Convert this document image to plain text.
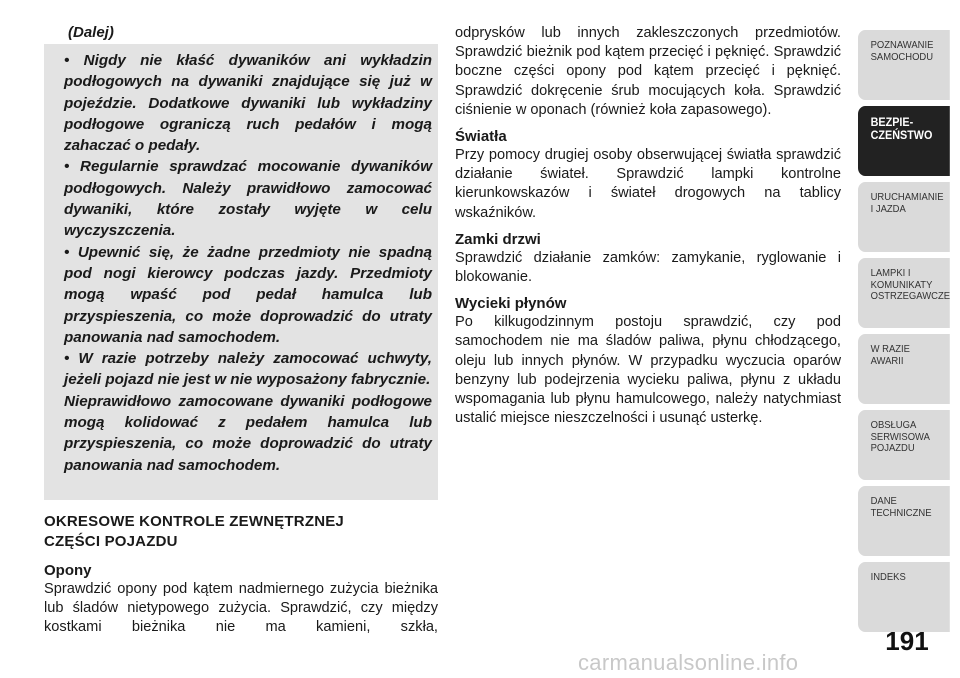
(Dalej)

• Nigdy nie kłaść dywaników ani wykładzin podłogowych na dywaniki znajdujące się już w pojeździe. Dodatkowe dywaniki lub wykładziny podłogowe ograniczą ruch pedałów i mogą zahaczać o pedały.

• Regularnie sprawdzać mocowanie dywaników podłogowych. Należy prawidłowo zamocować dywaniki, które zostały wyjęte w celu wyczyszczenia.

• Upewnić się, że żadne przedmioty nie spadną pod nogi kierowcy podczas jazdy. Przedmioty mogą wpaść pod pedał hamulca lub przyspieszenia, co może doprowadzić do utraty panowania nad samochodem.

• W razie potrzeby należy zamocować uchwyty, jeżeli pojazd nie jest w nie wyposażony fabrycznie.

Nieprawidłowo zamocowane dywaniki podłogowe mogą kolidować z pedałem hamulca lub przyspieszenia, co może doprowadzić do utraty panowania nad samochodem.

OKRESOWE KONTROLE ZEWNĘTRZNEJ
CZĘŚCI POJAZDU
Opony

Sprawdzić opony pod kątem nadmiernego zużycia bieżnika lub śladów nietypowego zużycia. Sprawdzić, czy między kostkami bieżnika nie ma kamieni, szkła,

odprysków lub innych zakleszczonych przedmiotów. Sprawdzić bieżnik pod kątem przecięć i pęknięć. Sprawdzić boczne części opony pod kątem przecięć i pęknięć. Sprawdzić dokręcenie śrub mocujących koła. Sprawdzić ciśnienie w oponach (również koła zapasowego).

Światła

Przy pomocy drugiej osoby obserwującej światła sprawdzić działanie świateł. Sprawdzić lampki kontrolne kierunkowskazów i świateł drogowych na tablicy wskaźników.

Zamki drzwi

Sprawdzić działanie zamków: zamykanie, ryglowanie i blokowanie.

Wycieki płynów

Po kilkugodzinnym postoju sprawdzić, czy pod samochodem nie ma śladów paliwa, płynu chłodzącego, oleju lub innych płynów. W przypadku wyczucia oparów benzyny lub podejrzenia wycieku paliwa, płynu z układu wspomagania lub płynu hamulcowego, należy natychmiast ustalić miejsce nieszczelności i usunąć usterkę.

POZNAWANIE
SAMOCHODU
BEZPIE-
CZEŃSTWO
URUCHAMIANIE
I JAZDA
LAMPKI I
KOMUNIKATY
OSTRZEGAWCZE
W RAZIE
AWARII
OBSŁUGA
SERWISOWA
POJAZDU
DANE
TECHNICZNE
INDEKS
191
carmanualsonline.info
